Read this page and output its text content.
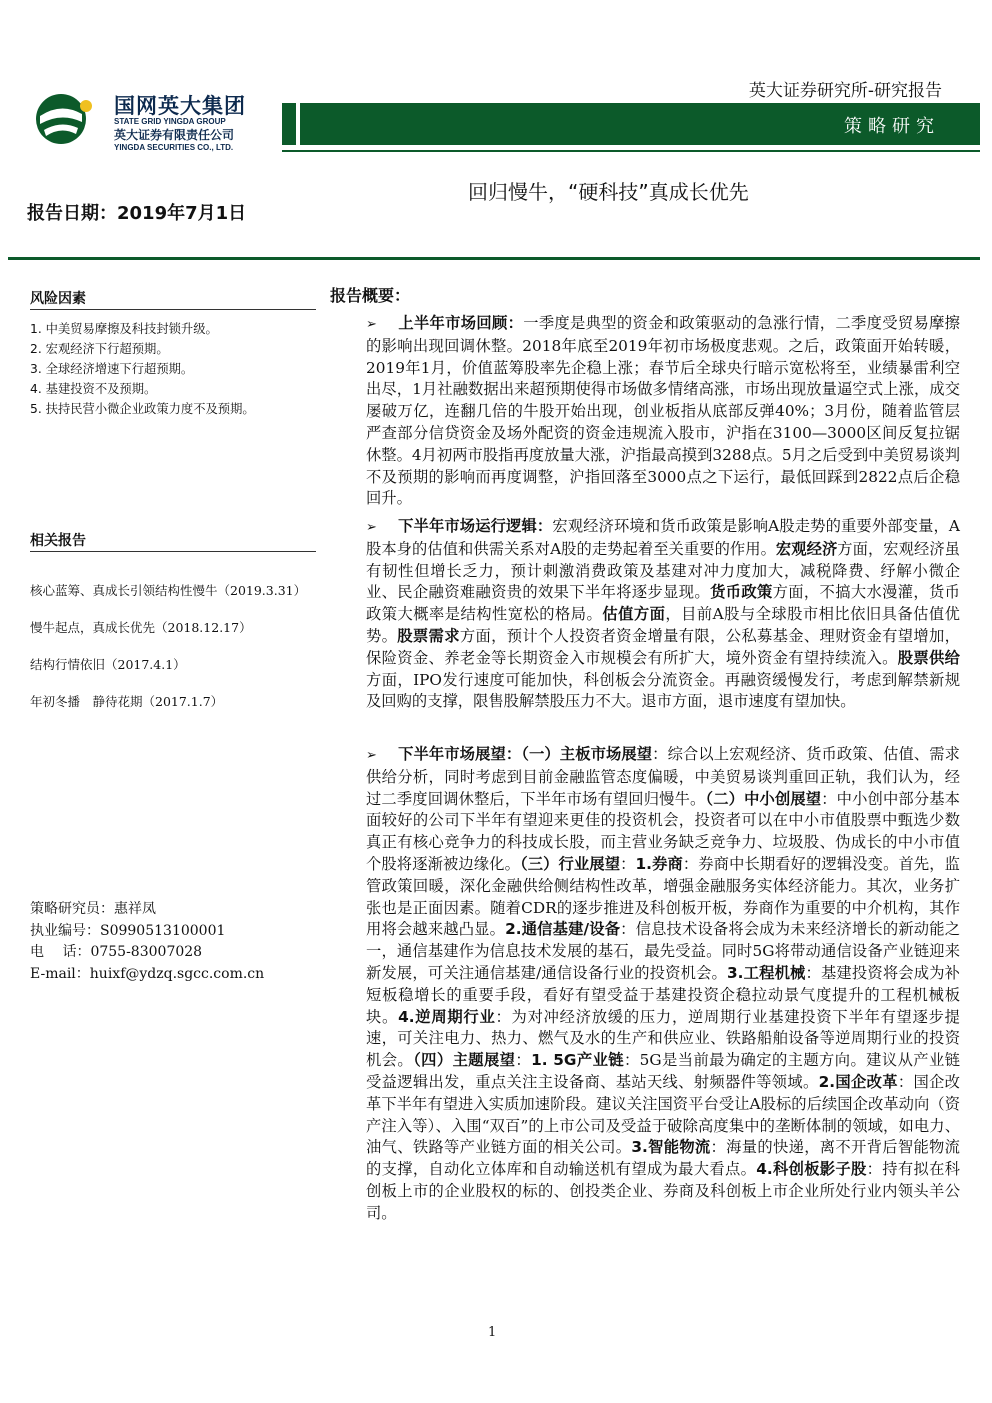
国网英大集团
STATE GRID YINGDA GROUP
英大证券有限责任公司
YINGDA SECURITIES CO., LTD.
英大证券研究所-研究报告
策略研究
回归慢牛，“硬科技”真成长优先
报告日期：2019年7月1日
风险因素
1. 中美贸易摩擦及科技封锁升级。
2. 宏观经济下行超预期。
3. 全球经济增速下行超预期。
4. 基建投资不及预期。
5. 扶持民营小微企业政策力度不及预期。
相关报告
核心蓝筹、真成长引领结构性慢牛（2019.3.31）
慢牛起点，真成长优先（2018.12.17）
结构行情依旧（2017.4.1）
年初冬播　静待花期（2017.1.7）
策略研究员：惠祥凤
执业编号：S0990513100001
电　 话：0755-83007028
E-mail：huixf@ydzq.sgcc.com.cn
报告概要：
➢ 上半年市场回顾：一季度是典型的资金和政策驱动的急涨行情，二季度受贸易摩擦的影响出现回调休整。2018年底至2019年初市场极度悲观。之后，政策面开始转暖，2019年1月，价值蓝筹股率先企稳上涨；春节后全球央行暗示宽松将至，业绩暴雷利空出尽，1月社融数据出来超预期使得市场做多情绪高涨，市场出现放量逼空式上涨，成交屡破万亿，连翻几倍的牛股开始出现，创业板指从底部反弹40%；3月份，随着监管层严查部分信贷资金及场外配资的资金违规流入股市，沪指在3100—3000区间反复拉锯休整。4月初两市股指再度放量大涨，沪指最高摸到3288点。5月之后受到中美贸易谈判不及预期的影响而再度调整，沪指回落至3000点之下运行，最低回踩到2822点后企稳回升。
➢ 下半年市场运行逻辑：宏观经济环境和货币政策是影响A股走势的重要外部变量，A股本身的估值和供需关系对A股的走势起着至关重要的作用。宏观经济方面，宏观经济虽有韧性但增长乏力，预计刺激消费政策及基建对冲力度加大，减税降费、纾解小微企业、民企融资难融资贵的效果下半年将逐步显现。货币政策方面，不搞大水漫灌，货币政策大概率是结构性宽松的格局。估值方面，目前A股与全球股市相比依旧具备估值优势。股票需求方面，预计个人投资者资金增量有限，公私募基金、理财资金有望增加，保险资金、养老金等长期资金入市规模会有所扩大，境外资金有望持续流入。股票供给方面，IPO发行速度可能加快，科创板会分流资金。再融资缓慢发行，考虑到解禁新规及回购的支撑，限售股解禁股压力不大。退市方面，退市速度有望加快。
➢ 下半年市场展望：（一）主板市场展望：综合以上宏观经济、货币政策、估值、需求供给分析，同时考虑到目前金融监管态度偏暖，中美贸易谈判重回正轨，我们认为，经过二季度回调休整后，下半年市场有望回归慢牛。（二）中小创展望：中小创中部分基本面较好的公司下半年有望迎来更佳的投资机会，投资者可以在中小市值股票中甄选少数真正有核心竞争力的科技成长股，而主营业务缺乏竞争力、垃圾股、伪成长的中小市值个股将逐渐被边缘化。（三）行业展望：1.券商：券商中长期看好的逻辑没变。首先，监管政策回暖，深化金融供给侧结构性改革，增强金融服务实体经济能力。其次，业务扩张也是正面因素。随着CDR的逐步推进及科创板开板，券商作为重要的中介机构，其作用将会越来越凸显。2.通信基建/设备：信息技术设备将会成为未来经济增长的新动能之一，通信基建作为信息技术发展的基石，最先受益。同时5G将带动通信设备产业链迎来新发展，可关注通信基建/通信设备行业的投资机会。3.工程机械：基建投资将会成为补短板稳增长的重要手段，看好有望受益于基建投资企稳拉动景气度提升的工程机械板块。4.逆周期行业：为对冲经济放缓的压力，逆周期行业基建投资下半年有望逐步提速，可关注电力、热力、燃气及水的生产和供应业、铁路船舶设备等逆周期行业的投资机会。（四）主题展望：1. 5G产业链：5G是当前最为确定的主题方向。建议从产业链受益逻辑出发，重点关注主设备商、基站天线、射频器件等领域。2.国企改革：国企改革下半年有望进入实质加速阶段。建议关注国资平台受让A股标的后续国企改革动向（资产注入等）、入围“双百”的上市公司及受益于破除高度集中的垄断体制的领域，如电力、油气、铁路等产业链方面的相关公司。3.智能物流：海量的快递，离不开背后智能物流的支撑，自动化立体库和自动输送机有望成为最大看点。4.科创板影子股：持有拟在科创板上市的企业股权的标的、创投类企业、券商及科创板上市企业所处行业内领头羊公司。
1
